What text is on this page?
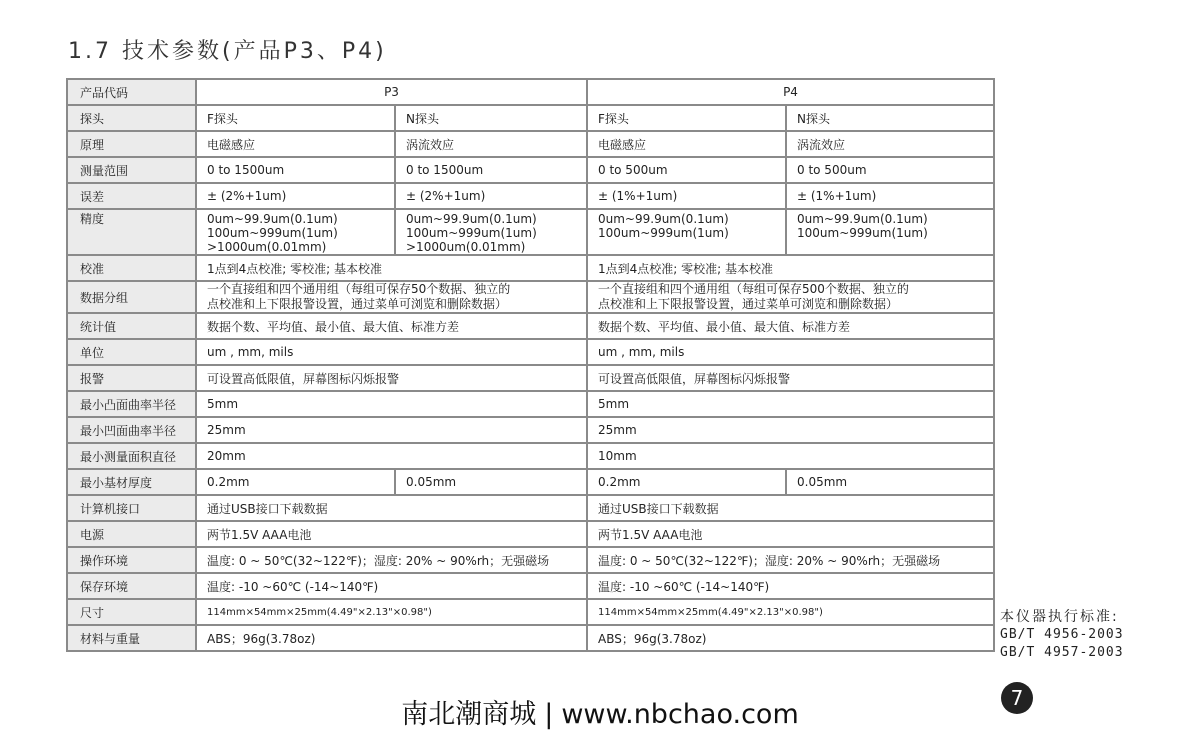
1.7 技术参数(产品P3、P4)
产品代码	P3		P4	
探头	F探头	N探头	F探头	N探头
原理	电磁感应	涡流效应	电磁感应	涡流效应
测量范围	0 to 1500um	0 to 1500um	0 to 500um	0 to 500um
误差	± (2%+1um)	± (2%+1um)	± (1%+1um)	± (1%+1um)
精度	0um~99.9um(0.1um)
100um~999um(1um)
>1000um(0.01mm)	0um~99.9um(0.1um)
100um~999um(1um)
>1000um(0.01mm)	0um~99.9um(0.1um)
100um~999um(1um)	0um~99.9um(0.1um)
100um~999um(1um)
校准	1点到4点校准; 零校准; 基本校准		1点到4点校准; 零校准; 基本校准	
数据分组	一个直接组和四个通用组（每组可保存50个数据、独立的
点校准和上下限报警设置，通过菜单可浏览和删除数据）		一个直接组和四个通用组（每组可保存500个数据、独立的
点校准和上下限报警设置，通过菜单可浏览和删除数据）	
统计值	数据个数、平均值、最小值、最大值、标准方差		数据个数、平均值、最小值、最大值、标准方差	
单位	um , mm, mils		um , mm, mils	
报警	可设置高低限值，屏幕图标闪烁报警		可设置高低限值，屏幕图标闪烁报警	
最小凸面曲率半径	5mm		5mm	
最小凹面曲率半径	25mm		25mm	
最小测量面积直径	20mm		10mm	
最小基材厚度	0.2mm	0.05mm	0.2mm	0.05mm
计算机接口	通过USB接口下载数据		通过USB接口下载数据	
电源	两节1.5V AAA电池		两节1.5V AAA电池	
操作环境	温度: 0 ~ 50℃(32~122℉)；湿度: 20% ~ 90%rh；无强磁场		温度: 0 ~ 50℃(32~122℉)；湿度: 20% ~ 90%rh；无强磁场	
保存环境	温度: -10 ~60℃ (-14~140℉)		温度: -10 ~60℃ (-14~140℉)	
尺寸	114mm×54mm×25mm(4.49"×2.13"×0.98")		114mm×54mm×25mm(4.49"×2.13"×0.98")	
材料与重量	ABS；96g(3.78oz)		ABS；96g(3.78oz)	
本仪器执行标准:
GB/T 4956-2003
GB/T 4957-2003
7
南北潮商城 | www.nbchao.com
